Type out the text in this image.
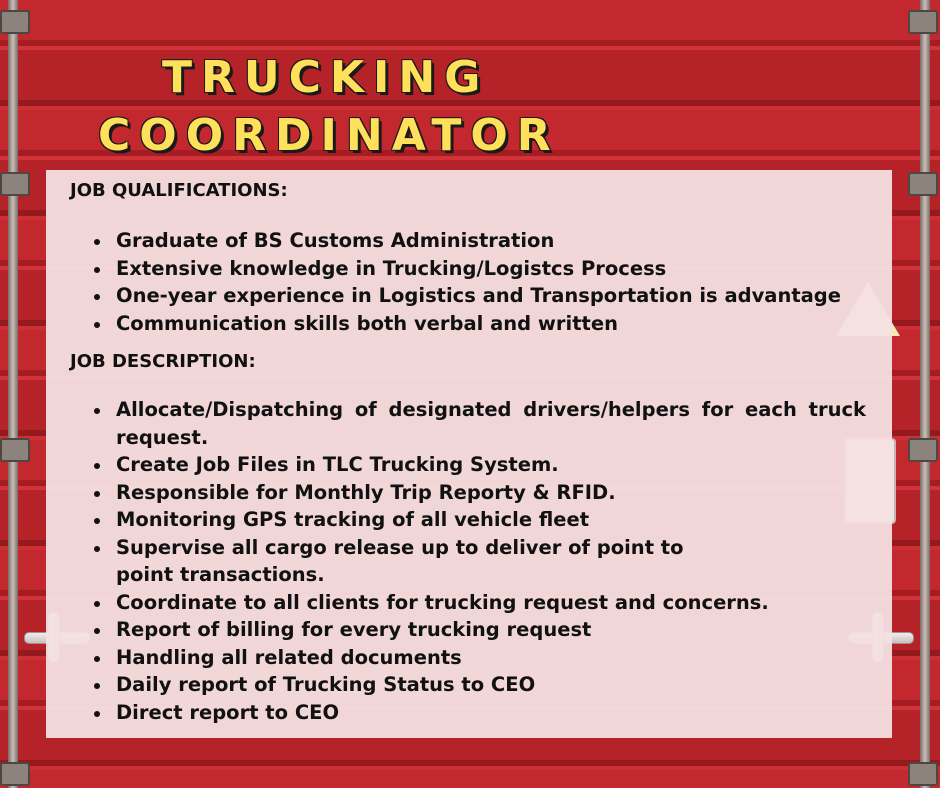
TRUCKING
COORDINATOR

JOB QUALIFICATIONS:

Graduate of BS Customs Administration
Extensive knowledge in Trucking/Logistcs Process
One-year experience in Logistics and Transportation is advantage
Communication skills both verbal and written

JOB DESCRIPTION:

Allocate/Dispatching of designated drivers/helpers for each truck request.
Create Job Files in TLC Trucking System.
Responsible for Monthly Trip Reporty & RFID.
Monitoring GPS tracking of all vehicle fleet
Supervise all cargo release up to deliver of point to point transactions.
Coordinate to all clients for trucking request and concerns.
Report of billing for every trucking request
Handling all related documents
Daily report of Trucking Status to CEO
Direct report to CEO
